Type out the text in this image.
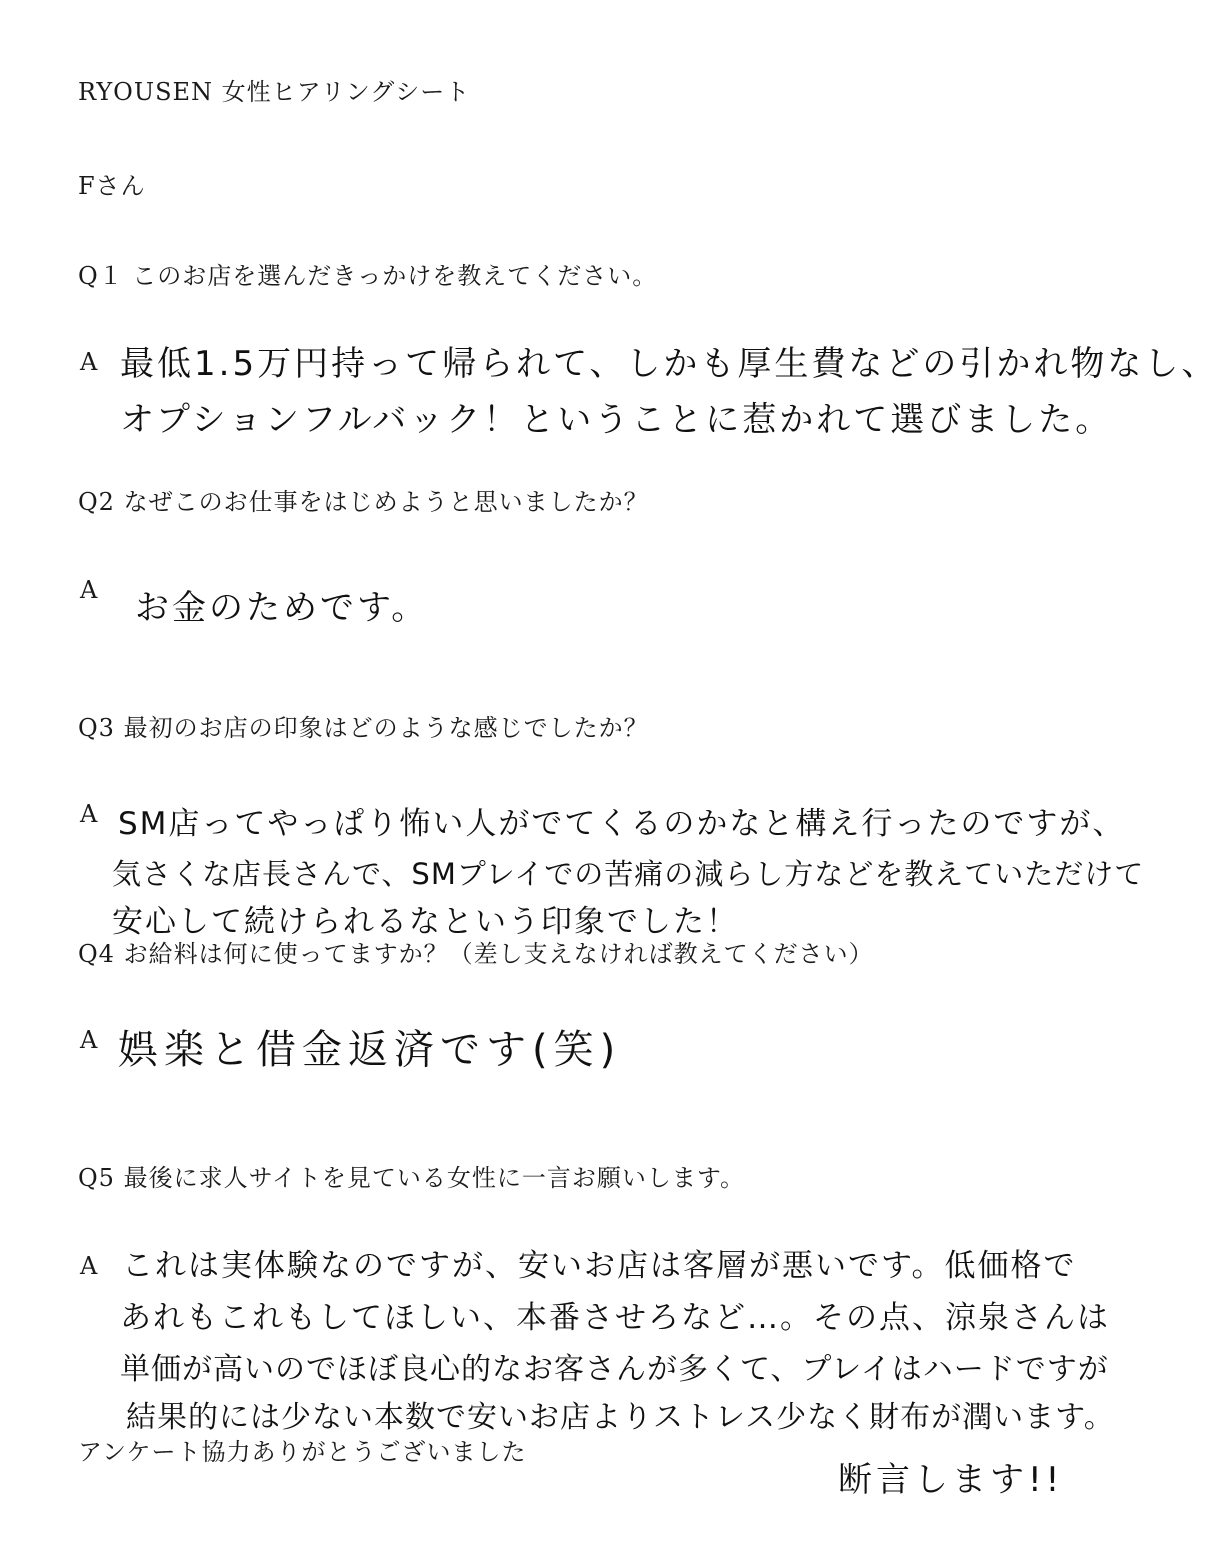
RYOUSEN 女性ヒアリングシート
Fさん
Q１ このお店を選んだきっかけを教えてください。
A 最低1.5万円持って帰られて、しかも厚生費などの引かれ物なし、
オプションフルバック！ということに惹かれて選びました。
Q2 なぜこのお仕事をはじめようと思いましたか？
A お金のためです。
Q3 最初のお店の印象はどのような感じでしたか？
A SM店ってやっぱり怖い人がでてくるのかなと構え行ったのですが、
気さくな店長さんで、SMプレイでの苦痛の減らし方などを教えていただけて
安心して続けられるなという印象でした！
Q4 お給料は何に使ってますか？（差し支えなければ教えてください）
A 娯楽と借金返済です(笑)
Q5 最後に求人サイトを見ている女性に一言お願いします。
A これは実体験なのですが、安いお店は客層が悪いです。低価格で
あれもこれもしてほしい、本番させろなど…。その点、涼泉さんは
単価が高いのでほぼ良心的なお客さんが多くて、プレイはハードですが
結果的には少ない本数で安いお店よりストレス少なく財布が潤います。
断言します!!
アンケート協力ありがとうございました
